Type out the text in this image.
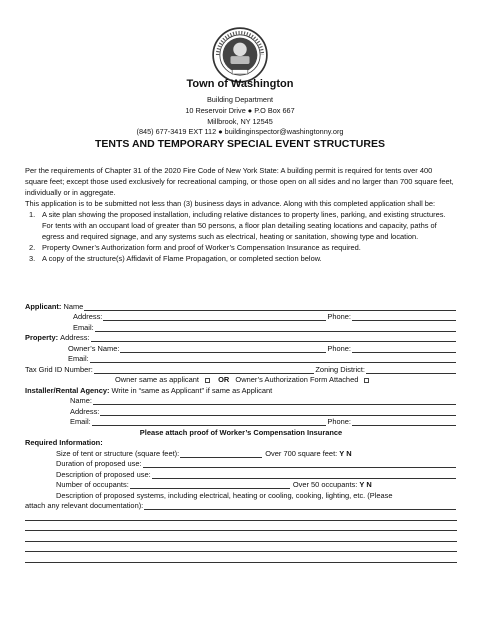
Town of Washington
Building Department
10 Reservoir Drive ● P.O Box 667
Millbrook, NY 12545
(845) 677-3419 EXT 112 ● buildinginspector@washingtonny.org
TENTS AND TEMPORARY SPECIAL EVENT STRUCTURES

Per the requirements of Chapter 31 of the 2020 Fire Code of New York State: A building permit is required for tents over 400 square feet; except those used exclusively for recreational camping, or those open on all sides and no larger than 700 square feet, individually or in aggregate.

This application is to be submitted not less than (3) business days in advance. Along with this completed application shall be:

1. A site plan showing the proposed installation, including relative distances to property lines, parking, and existing structures. For tents with an occupant load of greater than 50 persons, a floor plan detailing seating locations and capacity, paths of egress and required signage, and any systems such as electrical, heating or sanitation, showing type and location.
2. Property Owner’s Authorization form and proof of Worker’s Compensation Insurance as required.
3. A copy of the structure(s) Affidavit of Flame Propagation, or completed section below.
Applicant:
Name
Address:	Phone:
Email:
Property:
Address:
Owner’s Name:	Phone:
Email:
Tax Grid ID Number:	Zoning District:
Owner same as applicant
	OR
Owner’s Authorization Form Attached
Installer/Rental Agency:
Write in “same as Applicant” if same as Applicant
Name:
Address:
Email:	Phone:
Please attach proof of Worker’s Compensation Insurance
Required Information:
Size of tent or structure (square feet):
	Over 700 square feet:
Y N
Duration of proposed use:
Description of proposed use:
Number of occupants:
	Over 50 occupants:
Y N
Description of proposed systems, including electrical, heating or cooling, cooking, lighting, etc. (Please
attach any relevant documentation):
